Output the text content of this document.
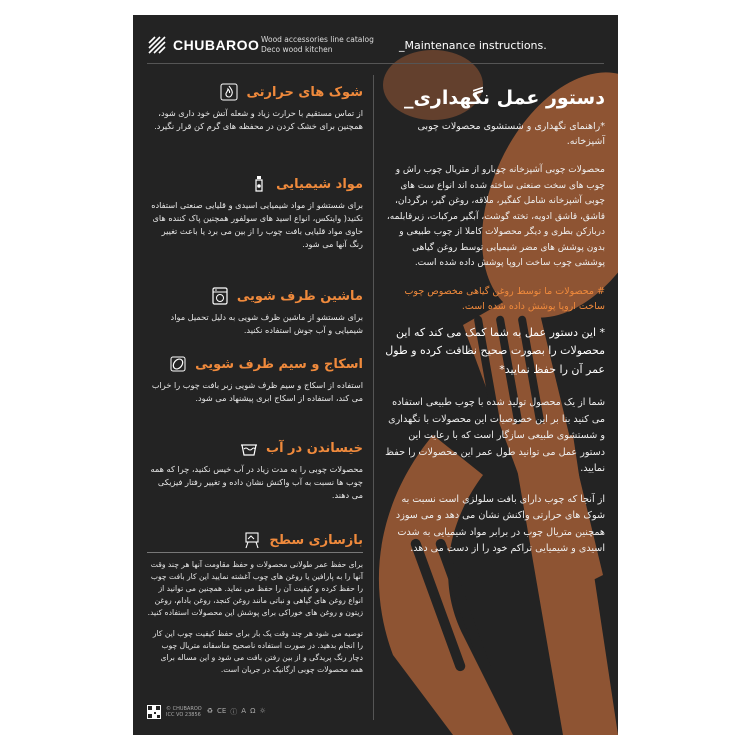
CHUBAROO Wood accessories line catalog
Deco wood kitchen	_Maintenance instructions.
شوک های حرارتی
از تماس مستقیم با حرارت زیاد و شعله آتش خود داری شود، همچنین برای خشک کردن در محفظه های گرم کن قرار نگیرد.
مواد شیمیایی
برای شستشو از مواد شیمیایی اسیدی و قلیایی صنعتی استفاده نکنید( وایتکس، انواع اسید های سولفور همچنین پاک کننده های حاوی مواد قلیایی بافت چوب را از بین می برد یا باعث تغییر رنگ آنها می شود.
ماشین ظرف شویی
برای شستشو از ماشین ظرف شویی به دلیل تحمیل مواد شیمیایی و آب جوش استفاده نکنید.
اسکاج و سیم ظرف شویی
استفاده از اسکاج و سیم ظرف شویی زبر بافت چوب را خراب می کند، استفاده از اسکاج ابری پیشنهاد می شود.
خیساندن در آب
محصولات چوبی را به مدت زیاد در آب خیس نکنید، چرا که همه چوب ها نسبت به آب واکنش نشان داده و تغییر رفتار فیزیکی می دهند.
بازسازی سطح
برای حفظ عمر طولانی محصولات و حفظ مقاومت آنها هر چند وقت آنها را به پارافین یا روغن های چوب آغشته نمایید این کار بافت چوب را حفظ کرده و کیفیت آن را حفظ می نماید. همچنین می توانید از انواع روغن های گیاهی و نباتی مانند روغن کنجد، روغن بادام، روغن زیتون و روغن های خوراکی برای پوشش این محصولات استفاده کنید.
توصیه می شود هر چند وقت یک بار برای حفظ کیفیت چوب این کار را انجام بدهید. در صورت استفاده ناصحیح متاسفانه متریال چوب دچار رنگ پریدگی و از بین رفتن بافت می شود و این مساله برای همه محصولات چوبی ارگانیک در جریان است.
© CHUBAROO
ICC VO 23856 ♻ CE ⓘ A Ω ☼
دستور عمل نگهداری_
*راهنمای نگهداری و شستشوی محصولات چوبی آشپزخانه.
محصولات چوبی آشپزخانه چوبارو از متریال چوب راش و چوب های سخت صنعتی ساخته شده اند انواع ست های چوبی آشپزخانه شامل کفگیر، ملاقه، روغن گیر، برگردان، قاشق، قاشق ادویه، تخته گوشت، آبگیر مرکبات، زیرقابلمه، دربازکن بطری و دیگر محصولات کاملا از چوب طبیعی و بدون پوشش های مضر شیمیایی توسط روغن گیاهی پوششی چوب ساخت اروپا پوشش داده شده است.
# محصولات ما توسط روغن گیاهی مخصوص چوب ساخت اروپا پوشش داده شده است.
* این دستور عمل به شما کمک می کند که این محصولات را بصورت صحیح نظافت کرده و طول عمر آن را حفظ نمایید*
شما از یک محصول تولید شده با چوب طبیعی استفاده می کنید بنا بر این خصوصیات این محصولات با نگهداری و شستشوی طبیعی سازگار است که با رعایت این دستور عمل می توانید طول عمر این محصولات را حفظ نمایید.
از آنجا که چوب دارای بافت سلولزی است نسبت به شوک های حرارتی واکنش نشان می دهد و می سوزد همچنین متریال چوب در برابر مواد شیمیایی به شدت اسیدی و شیمیایی تراکم خود را از دست می دهد.
